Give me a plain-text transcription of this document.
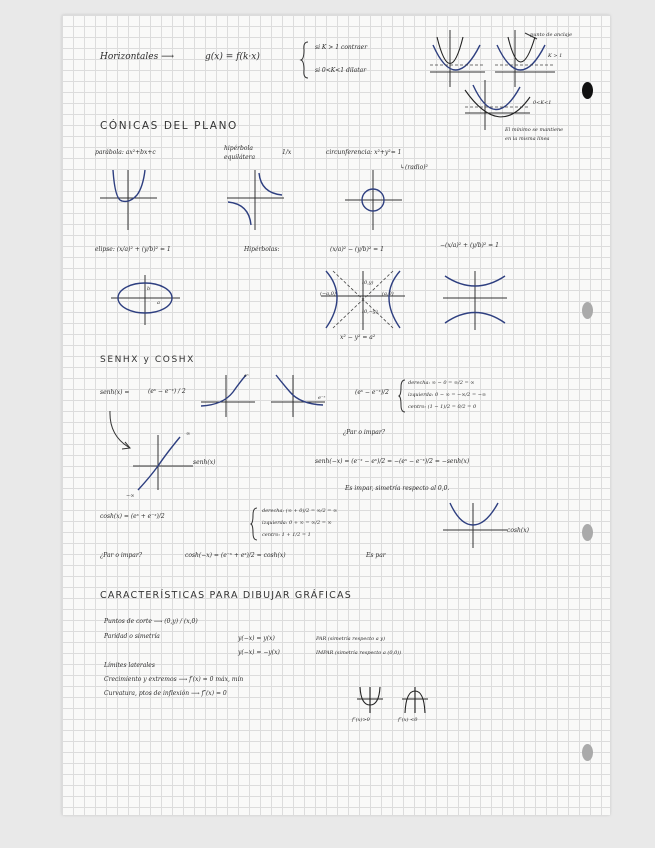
Horizontales ⟶	g(x) = f(k·x)
si K > 1 contraer
si 0<K<1 dilatar
punto de anclaje
K > 1
0<K<1
El mínimo se mantiene
en la misma línea
CÓNICAS DEL PLANO
parábola: ax²+bx+c
hipérbola
equilátera
1/x	circunferencia: x²+y²= 1
↳(radio)²
elipse: (x/a)² + (y/b)² = 1	Hipérbolas:	(x/a)² − (y/b)² = 1
−(x/a)² + (y/b)² = 1
b
a
(−a,0)	(a,0)
(0,y)
(0,−y)
x² − y² = a²
SENHX y COSHX
senh(x) =	(eˣ − e⁻ˣ) / 2
eˣ
e⁻ˣ
(eˣ − e⁻ˣ)/2
derecha: ∞ − 0 = ∞/2 = ∞
izquierda: 0 − ∞ = −∞/2 = −∞
centro: (1 − 1)/2 = 0/2 = 0
∞
−∞
senh(x)
¿Par o impar?
senh(−x) = (e⁻ˣ − eˣ)/2 = −(eˣ − e⁻ˣ)/2 = −senh(x)
Es impar, simetría respecto al 0,0.
cosh(x) = (eˣ + e⁻ˣ)/2
derecha: (∞ + 0)/2 = ∞/2 = ∞
izquierda: 0 + ∞ = ∞/2 = ∞
centro: 1 + 1/2 = 1
cosh(x)
¿Par o impar?	cosh(−x) = (e⁻ˣ + eˣ)/2 = cosh(x)	Es par
CARACTERÍSTICAS PARA DIBUJAR GRÁFICAS
Puntos de corte ⟶ (0,y) / (x,0)
Paridad o simetría	y(−x) = y(x)	PAR (simetría respecto a y)
y(−x) = −y(x)	IMPAR (simetría respecto a (0,0))
Límites laterales
Crecimiento y extremos ⟶ f′(x) = 0 máx, mín
Curvatura, ptos de inflexión ⟶ f″(x) = 0
f″(x)>0	f″(x) <0
